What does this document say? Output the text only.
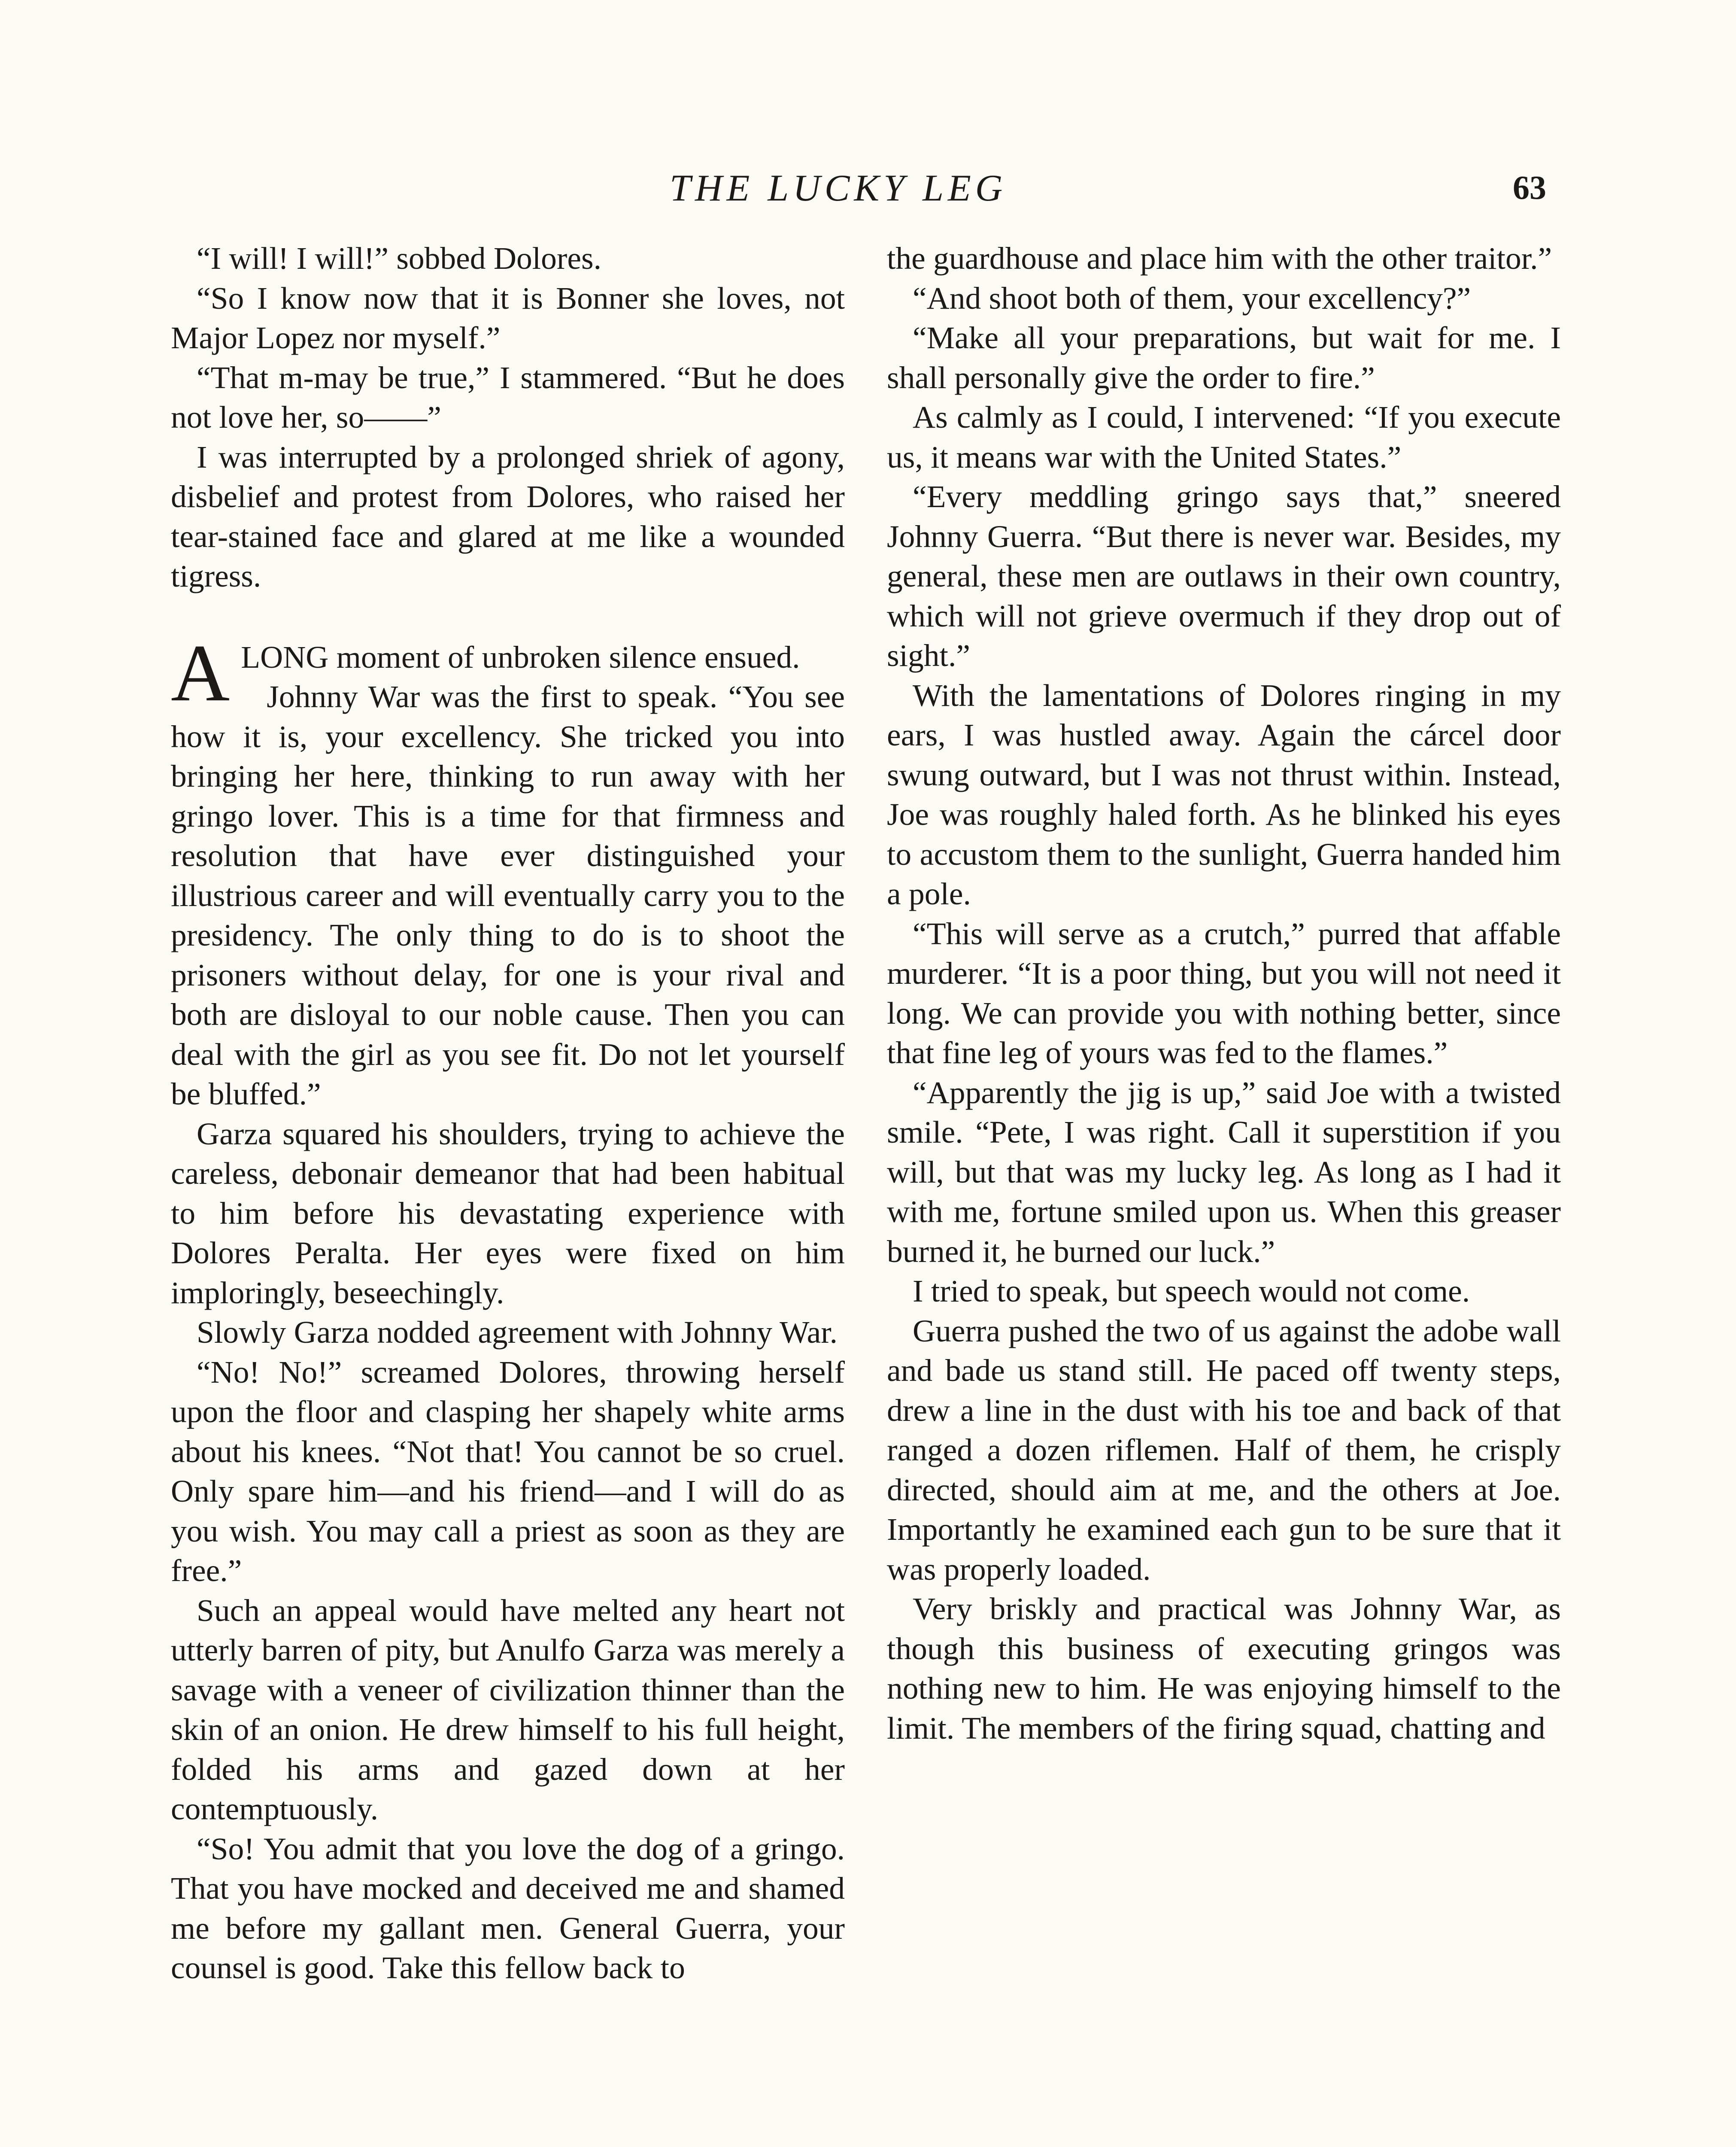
THE LUCKY LEG	63

“I will! I will!” sobbed Dolores.

“So I know now that it is Bonner she loves, not Major Lopez nor myself.”

“That m-may be true,” I stammered. “But he does not love her, so——”

I was interrupted by a prolonged shriek of agony, disbelief and protest from Dolores, who raised her tear-stained face and glared at me like a wounded tigress.

ALONG moment of unbroken silence ensued.

Johnny War was the first to speak. “You see how it is, your excellency. She tricked you into bringing her here, thinking to run away with her gringo lover. This is a time for that firmness and resolution that have ever distinguished your illustrious career and will eventually carry you to the presidency. The only thing to do is to shoot the prisoners without delay, for one is your rival and both are disloyal to our noble cause. Then you can deal with the girl as you see fit. Do not let yourself be bluffed.”

Garza squared his shoulders, trying to achieve the careless, debonair demeanor that had been habitual to him before his devastating experience with Dolores Peralta. Her eyes were fixed on him imploringly, beseechingly.

Slowly Garza nodded agreement with Johnny War.

“No! No!” screamed Dolores, throwing herself upon the floor and clasping her shapely white arms about his knees. “Not that! You cannot be so cruel. Only spare him—and his friend—and I will do as you wish. You may call a priest as soon as they are free.”

Such an appeal would have melted any heart not utterly barren of pity, but Anulfo Garza was merely a savage with a veneer of civilization thinner than the skin of an onion. He drew himself to his full height, folded his arms and gazed down at her contemptuously.

“So! You admit that you love the dog of a gringo. That you have mocked and deceived me and shamed me before my gallant men. General Guerra, your counsel is good. Take this fellow back to

the guardhouse and place him with the other traitor.”

“And shoot both of them, your excellency?”

“Make all your preparations, but wait for me. I shall personally give the order to fire.”

As calmly as I could, I intervened: “If you execute us, it means war with the United States.”

“Every meddling gringo says that,” sneered Johnny Guerra. “But there is never war. Besides, my general, these men are outlaws in their own country, which will not grieve overmuch if they drop out of sight.”

With the lamentations of Dolores ringing in my ears, I was hustled away. Again the cárcel door swung outward, but I was not thrust within. Instead, Joe was roughly haled forth. As he blinked his eyes to accustom them to the sunlight, Guerra handed him a pole.

“This will serve as a crutch,” purred that affable murderer. “It is a poor thing, but you will not need it long. We can provide you with nothing better, since that fine leg of yours was fed to the flames.”

“Apparently the jig is up,” said Joe with a twisted smile. “Pete, I was right. Call it superstition if you will, but that was my lucky leg. As long as I had it with me, fortune smiled upon us. When this greaser burned it, he burned our luck.”

I tried to speak, but speech would not come.

Guerra pushed the two of us against the adobe wall and bade us stand still. He paced off twenty steps, drew a line in the dust with his toe and back of that ranged a dozen riflemen. Half of them, he crisply directed, should aim at me, and the others at Joe. Importantly he examined each gun to be sure that it was properly loaded.

Very briskly and practical was Johnny War, as though this business of executing gringos was nothing new to him. He was enjoying himself to the limit. The members of the firing squad, chatting and
